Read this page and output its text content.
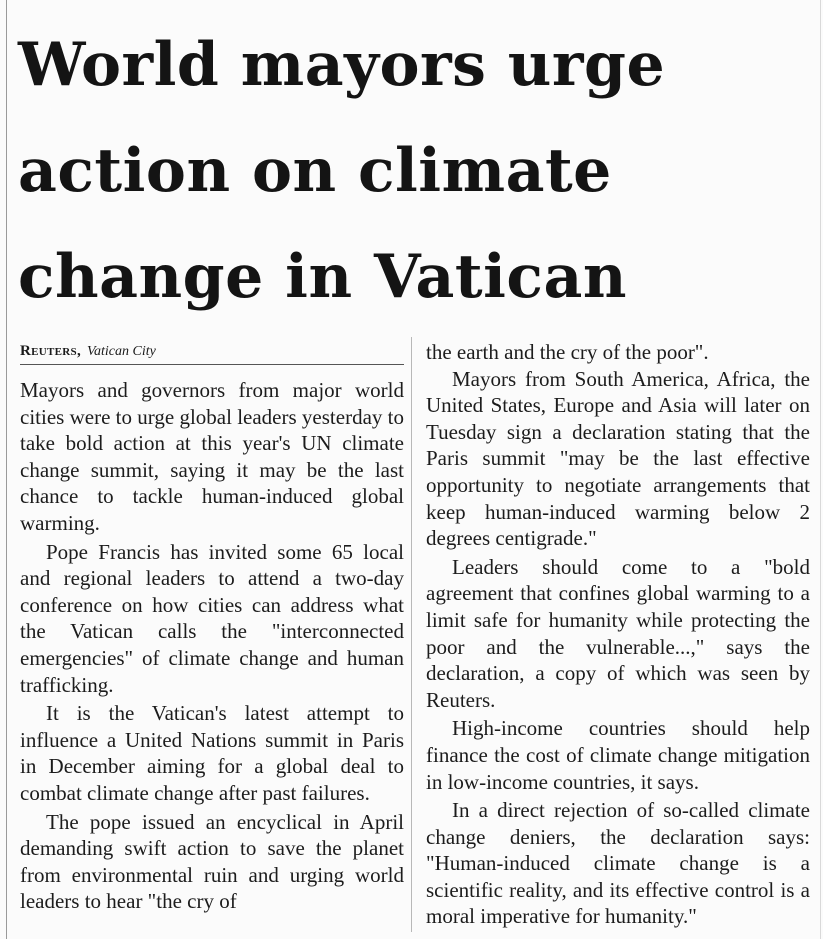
World mayors urge
action on climate
change in Vatican
Reuters, Vatican City

Mayors and governors from major world cities were to urge global leaders yesterday to take bold action at this year's UN climate change summit, saying it may be the last chance to tackle human-induced global warming.

Pope Francis has invited some 65 local and regional leaders to attend a two-day conference on how cities can address what the Vatican calls the "interconnected emergencies" of climate change and human trafficking.

It is the Vatican's latest attempt to influence a United Nations summit in Paris in December aiming for a global deal to combat climate change after past failures.

The pope issued an encyclical in April demanding swift action to save the planet from environmental ruin and urging world leaders to hear "the cry of

the earth and the cry of the poor".

Mayors from South America, Africa, the United States, Europe and Asia will later on Tuesday sign a declaration stating that the Paris summit "may be the last effective opportunity to negotiate arrangements that keep human-induced warming below 2 degrees centigrade."

Leaders should come to a "bold agreement that confines global warming to a limit safe for humanity while protecting the poor and the vulnerable...," says the declaration, a copy of which was seen by Reuters.

High-income countries should help finance the cost of climate change mitigation in low-income countries, it says.

In a direct rejection of so-called climate change deniers, the declaration says: "Human-induced climate change is a scientific reality, and its effective control is a moral imperative for humanity."
